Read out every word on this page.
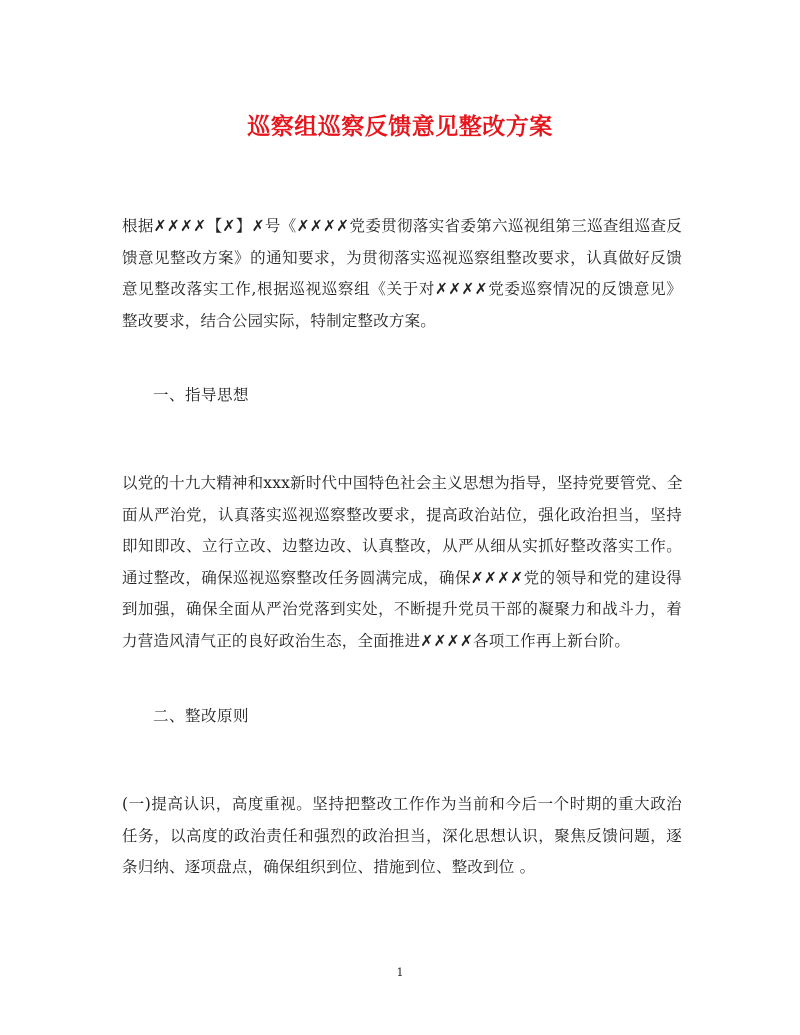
巡察组巡察反馈意见整改方案
根据✗✗✗✗【✗】✗号《✗✗✗✗党委贯彻落实省委第六巡视组第三巡查组巡查反
馈意见整改方案》的通知要求，为贯彻落实巡视巡察组整改要求，认真做好反馈
意见整改落实工作,根据巡视巡察组《关于对✗✗✗✗党委巡察情况的反馈意见》
整改要求，结合公园实际，特制定整改方案。
一、指导思想
以党的十九大精神和xxx新时代中国特色社会主义思想为指导，坚持党要管党、全
面从严治党，认真落实巡视巡察整改要求，提高政治站位，强化政治担当，坚持
即知即改、立行立改、边整边改、认真整改，从严从细从实抓好整改落实工作。
通过整改，确保巡视巡察整改任务圆满完成，确保✗✗✗✗党的领导和党的建设得
到加强，确保全面从严治党落到实处，不断提升党员干部的凝聚力和战斗力，着
力营造风清气正的良好政治生态，全面推进✗✗✗✗各项工作再上新台阶。
二、整改原则
(一)提高认识，高度重视。坚持把整改工作作为当前和今后一个时期的重大政治
任务，以高度的政治责任和强烈的政治担当，深化思想认识，聚焦反馈问题，逐
条归纳、逐项盘点，确保组织到位、措施到位、整改到位 。
1
